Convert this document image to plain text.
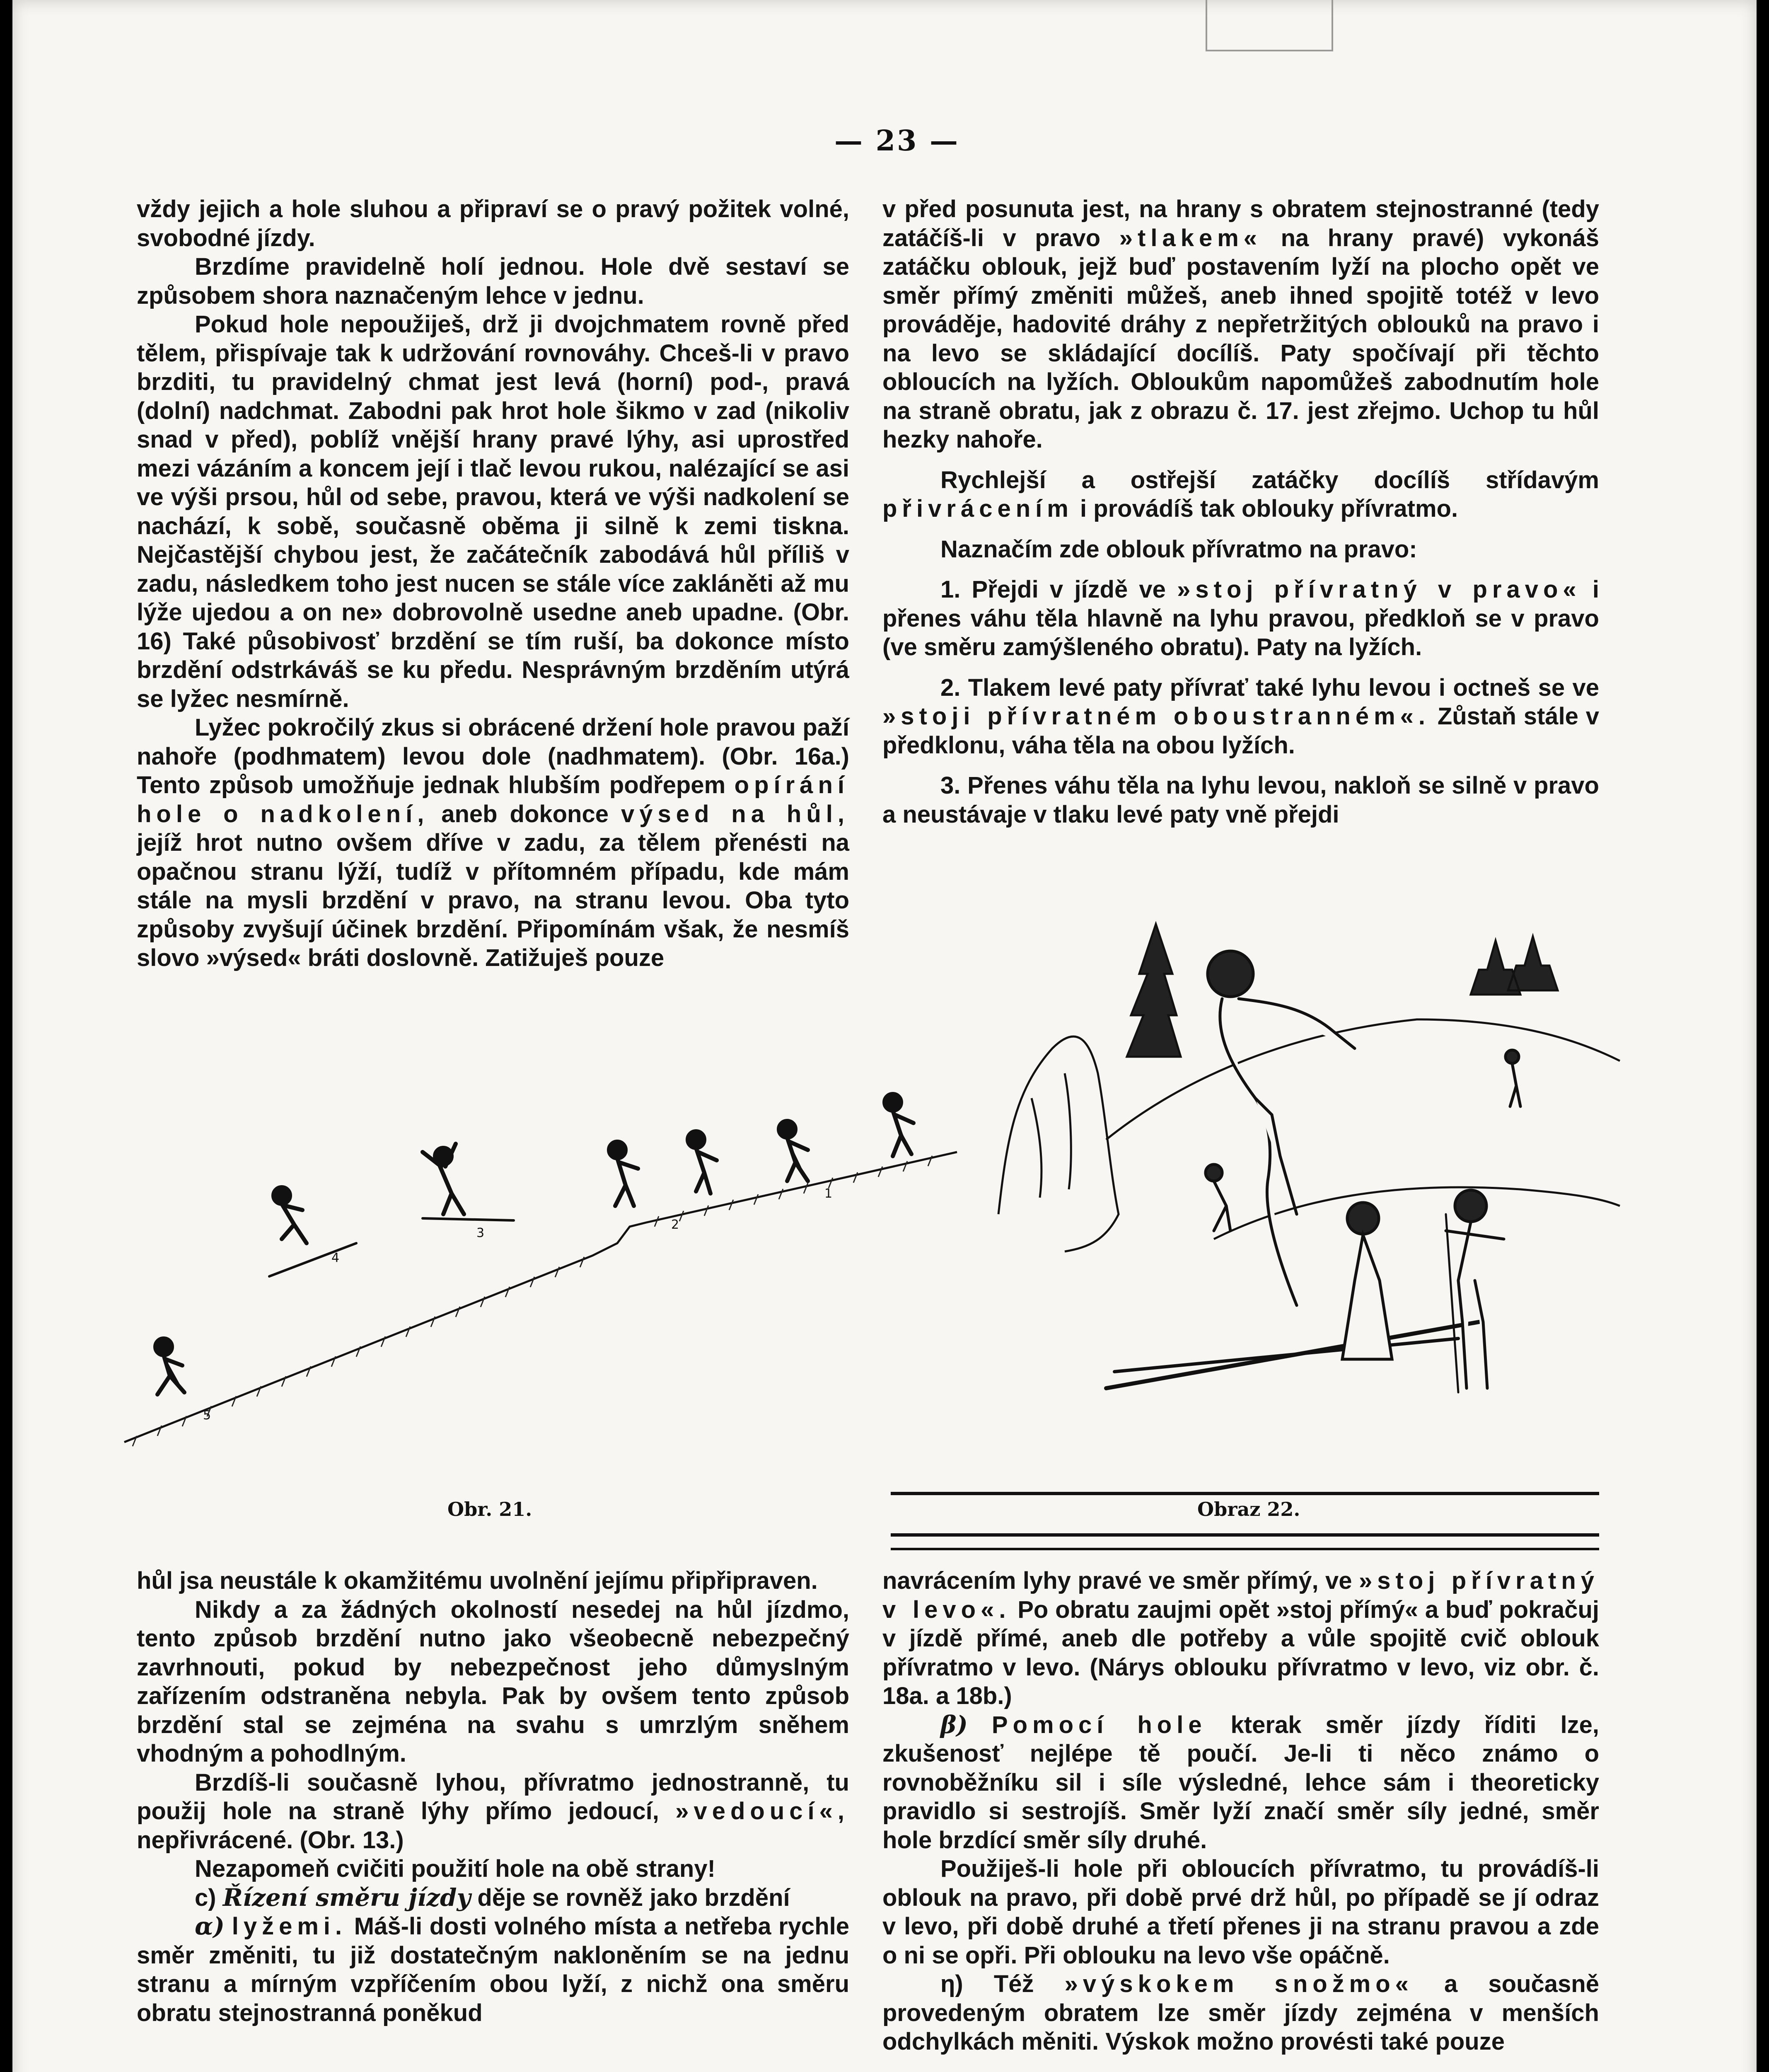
— 23 —

vždy jejich a hole sluhou a připraví se o pravý požitek volné, svobodné jízdy.

Brzdíme pravidelně holí jednou. Hole dvě sestaví se způsobem shora naznačeným lehce v jednu.

Pokud hole nepoužiješ, drž ji dvojchmatem rovně před tělem, přispívaje tak k udržování rovnováhy. Chceš-li v pravo brzditi, tu pravidelný chmat jest levá (horní) pod-, pravá (dolní) nadchmat. Zabodni pak hrot hole šikmo v zad (nikoliv snad v před), poblíž vnější hrany pravé lýhy, asi uprostřed mezi vázáním a koncem její i tlač levou rukou, nalézající se asi ve výši prsou, hůl od sebe, pravou, která ve výši nadkolení se nachází, k sobě, současně oběma ji silně k zemi tiskna. Nejčastější chybou jest, že začátečník zabodává hůl příliš v zadu, následkem toho jest nucen se stále více zakláněti až mu lýže ujedou a on ne» dobrovolně usedne aneb upadne. (Obr. 16) Také působivosť brzdění se tím ruší, ba dokonce místo brzdění odstrkáváš se ku předu. Nesprávným brzděním utýrá se lyžec nesmírně.

Lyžec pokročilý zkus si obrácené držení hole pravou paží nahoře (podhmatem) levou dole (nadhmatem). (Obr. 16a.) Tento způsob umožňuje jednak hlubším podřepem opírání hole o nadkolení, aneb dokonce výsed na hůl, jejíž hrot nutno ovšem dříve v zadu, za tělem přenésti na opačnou stranu lýží, tudíž v přítomném případu, kde mám stále na mysli brzdění v pravo, na stranu levou. Oba tyto způsoby zvyšují účinek brzdění. Připomínám však, že nesmíš slovo »výsed« bráti doslovně. Zatižuješ pouze

v před posunuta jest, na hrany s obratem stejnostranné (tedy zatáčíš-li v pravo »tlakem« na hrany pravé) vykonáš zatáčku oblouk, jejž buď postavením lyží na plocho opět ve směr přímý změniti můžeš, aneb ihned spojitě totéž v levo prováděje, hadovité dráhy z nepřetržitých oblouků na pravo i na levo se skládající docílíš. Paty spočívají při těchto obloucích na lyžích. Obloukům napomůžeš zabodnutím hole na straně obratu, jak z obrazu č. 17. jest zřejmo. Uchop tu hůl hezky nahoře.

Rychlejší a ostřejší zatáčky docílíš střídavým přivrácením i provádíš tak oblouky přívratmo.

Naznačím zde oblouk přívratmo na pravo:

1. Přejdi v jízdě ve »stoj přívratný v pravo« i přenes váhu těla hlavně na lyhu pravou, předkloň se v pravo (ve směru zamýšleného obratu). Paty na lyžích.

2. Tlakem levé paty přívrať také lyhu levou i octneš se ve »stoji přívratném oboustranném«. Zůstaň stále v předklonu, váha těla na obou lyžích.

3. Přenes váhu těla na lyhu levou, nakloň se silně v pravo a neustávaje v tlaku levé paty vně přejdi

1
2
3
4
5
Obr. 21.	Obraz 22.

hůl jsa neustále k okamžitému uvolnění jejímu připřipraven.

Nikdy a za žádných okolností nesedej na hůl jízdmo, tento způsob brzdění nutno jako všeobecně nebezpečný zavrhnouti, pokud by nebezpečnost jeho důmyslným zařízením odstraněna nebyla. Pak by ovšem tento způsob brzdění stal se zejména na svahu s umrzlým sněhem vhodným a pohodlným.

Brzdíš-li současně lyhou, přívratmo jednostranně, tu použij hole na straně lýhy přímo jedoucí, »vedoucí«, nepřivrácené. (Obr. 13.)

Nezapomeň cvičiti použití hole na obě strany!

c) Řízení směru jízdy děje se rovněž jako brzdění

α) lyžemi. Máš-li dosti volného místa a netřeba rychle směr změniti, tu již dostatečným nakloněním se na jednu stranu a mírným vzpříčením obou lyží, z nichž ona směru obratu stejnostranná poněkud

navrácením lyhy pravé ve směr přímý, ve »stoj přívratný v levo«. Po obratu zaujmi opět »stoj přímý« a buď pokračuj v jízdě přímé, aneb dle potřeby a vůle spojitě cvič oblouk přívratmo v levo. (Nárys oblouku přívratmo v levo, viz obr. č. 18a. a 18b.)

β) Pomocí hole kterak směr jízdy říditi lze, zkušenosť nejlépe tě poučí. Je-li ti něco známo o rovnoběžníku sil i síle výsledné, lehce sám i theoreticky pravidlo si sestrojíš. Směr lyží značí směr síly jedné, směr hole brzdící směr síly druhé.

Použiješ-li hole při obloucích přívratmo, tu provádíš-li oblouk na pravo, při době prvé drž hůl, po případě se jí odraz v levo, při době druhé a třetí přenes ji na stranu pravou a zde o ni se opři. Při oblouku na levo vše opáčně.

η) Též »výskokem snožmo« a současně provedeným obratem lze směr jízdy zejména v menších odchylkách měniti. Výskok možno provésti také pouze
